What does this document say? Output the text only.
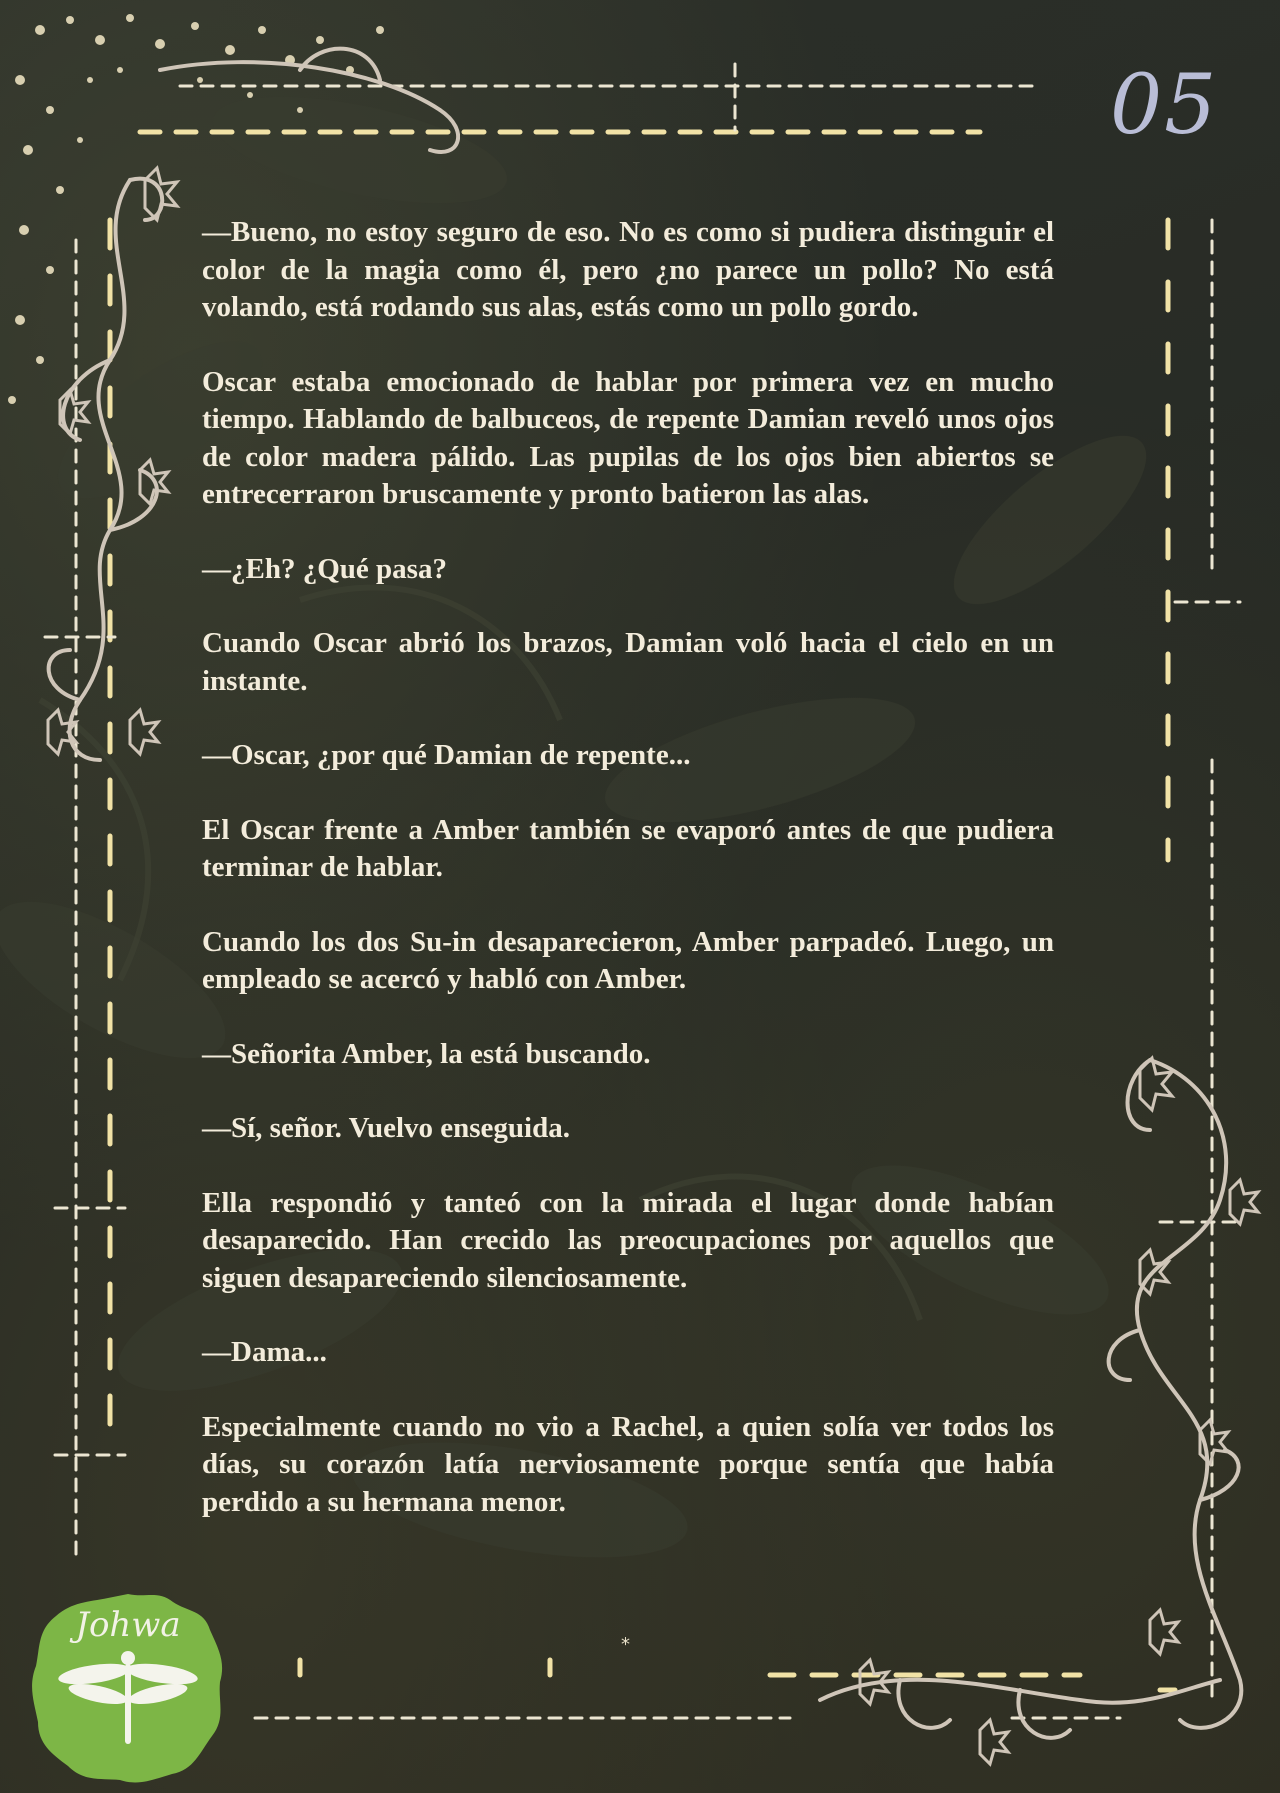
05

—Bueno, no estoy seguro de eso. No es como si pudiera distinguir el color de la magia como él, pero ¿no parece un pollo? No está volando, está rodando sus alas, estás como un pollo gordo.

Oscar estaba emocionado de hablar por primera vez en mucho tiempo. Hablando de balbuceos, de repente Damian reveló unos ojos de color madera pálido. Las pupilas de los ojos bien abiertos se entrecerraron bruscamente y pronto batieron las alas.

—¿Eh? ¿Qué pasa?

Cuando Oscar abrió los brazos, Damian voló hacia el cielo en un instante.

—Oscar, ¿por qué Damian de repente...

El Oscar frente a Amber también se evaporó antes de que pudiera terminar de hablar.

Cuando los dos Su-in desaparecieron, Amber parpadeó. Luego, un empleado se acercó y habló con Amber.

—Señorita Amber, la está buscando.

—Sí, señor. Vuelvo enseguida.

Ella respondió y tanteó con la mirada el lugar donde habían desaparecido. Han crecido las preocupaciones por aquellos que siguen desapareciendo silenciosamente.

—Dama...

Especialmente cuando no vio a Rachel, a quien solía ver todos los días, su corazón latía nerviosamente porque sentía que había perdido a su hermana menor.

*
Johwa
